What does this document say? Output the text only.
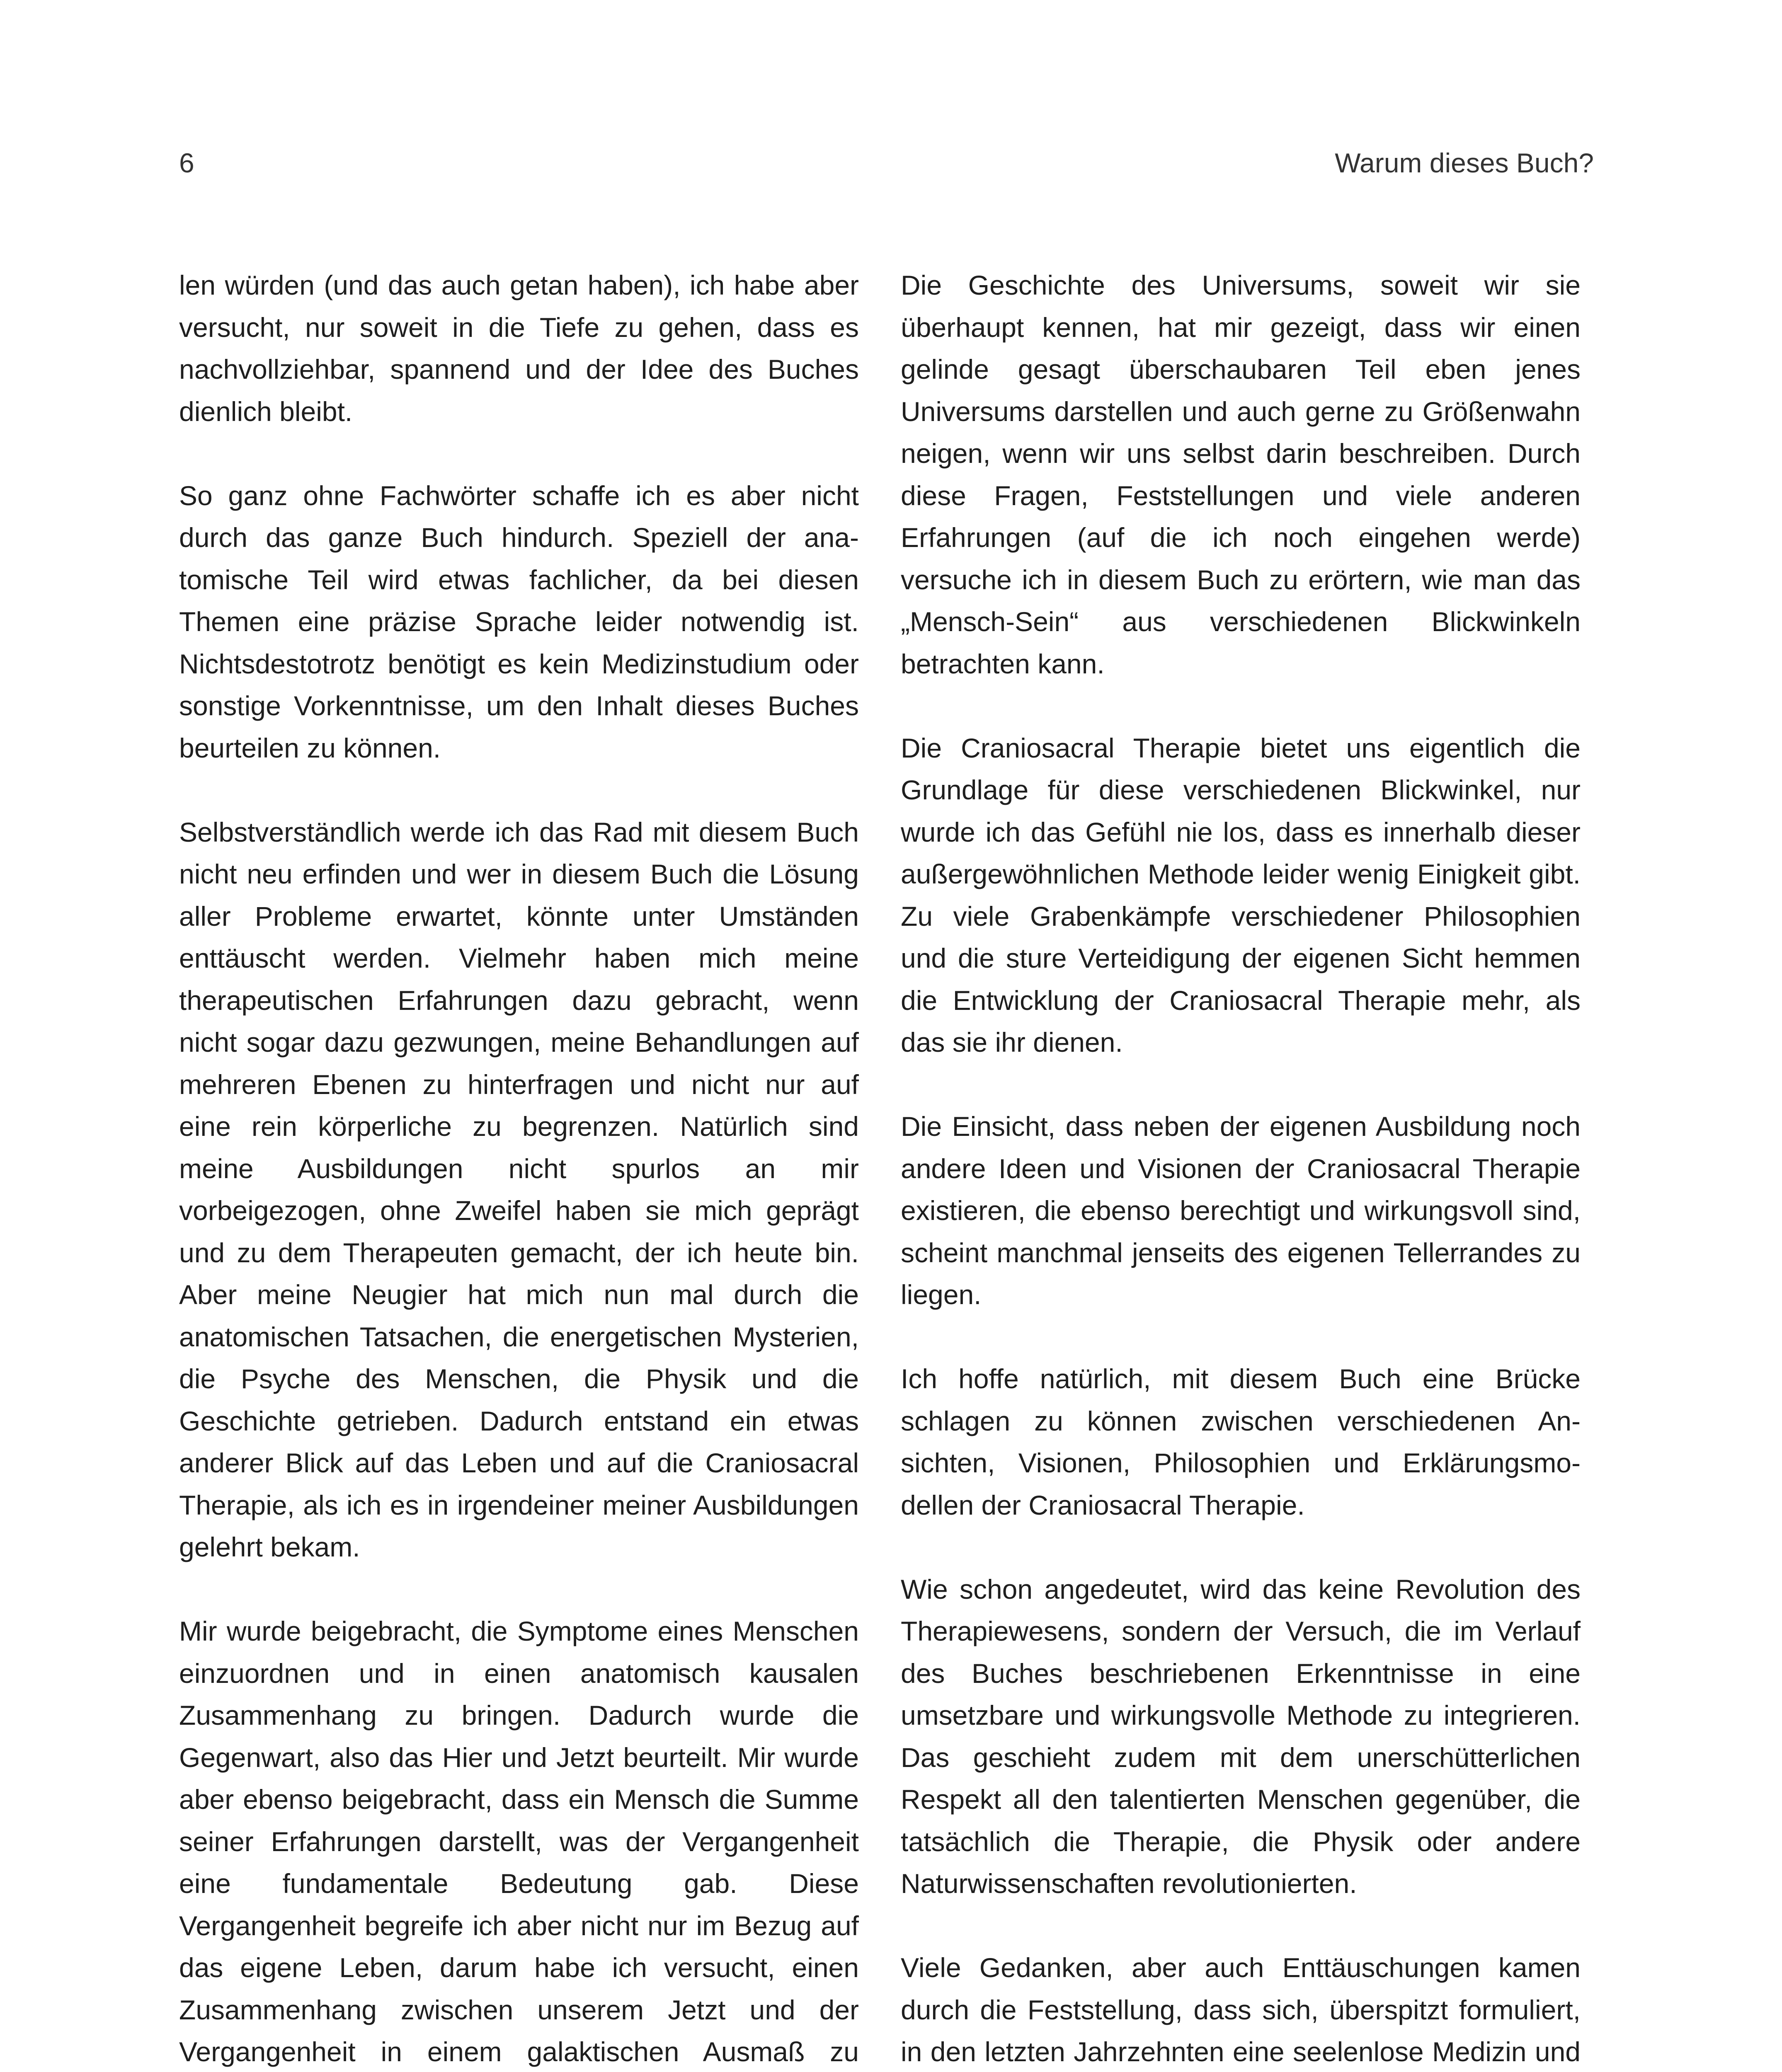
6	Warum dieses Buch?

len würden (und das auch getan haben), ich habe aber versucht, nur soweit in die Tiefe zu gehen, dass es nachvollziehbar, spannend und der Idee des Buches dienlich bleibt.

So ganz ohne Fachwörter schaffe ich es aber nicht durch das ganze Buch hindurch. Speziell der anatomische Teil wird etwas fachlicher, da bei diesen Themen eine präzise Sprache leider notwendig ist. Nichtsdestotrotz benötigt es kein Medizinstudium oder sonstige Vorkenntnisse, um den Inhalt dieses Buches beurteilen zu können.

Selbstverständlich werde ich das Rad mit diesem Buch nicht neu erfinden und wer in diesem Buch die Lösung aller Probleme erwartet, könnte unter Umständen enttäuscht werden. Vielmehr haben mich meine therapeutischen Erfahrungen dazu gebracht, wenn nicht sogar dazu gezwungen, meine Behandlungen auf mehreren Ebenen zu hinterfragen und nicht nur auf eine rein körperliche zu begrenzen. Natürlich sind meine Ausbildungen nicht spurlos an mir vorbeigezogen, ohne Zweifel haben sie mich geprägt und zu dem Therapeuten gemacht, der ich heute bin. Aber meine Neugier hat mich nun mal durch die anatomischen Tatsachen, die energetischen Mysterien, die Psyche des Menschen, die Physik und die Geschichte getrieben. Dadurch entstand ein etwas anderer Blick auf das Leben und auf die Craniosacral Therapie, als ich es in irgendeiner meiner Ausbildungen gelehrt bekam.

Mir wurde beigebracht, die Symptome eines Menschen einzuordnen und in einen anatomisch kausalen Zusammenhang zu bringen. Dadurch wurde die Gegenwart, also das Hier und Jetzt beurteilt. Mir wurde aber ebenso beigebracht, dass ein Mensch die Summe seiner Erfahrungen darstellt, was der Vergangenheit eine fundamentale Bedeutung gab. Diese Vergangenheit begreife ich aber nicht nur im Bezug auf das eigene Leben, darum habe ich versucht, einen Zusammenhang zwischen unserem Jetzt und der Vergangenheit in einem galaktischen Ausmaß zu

Die Geschichte des Universums, soweit wir sie überhaupt kennen, hat mir gezeigt, dass wir einen gelinde gesagt überschaubaren Teil eben jenes Universums darstellen und auch gerne zu Größenwahn neigen, wenn wir uns selbst darin beschreiben. Durch diese Fragen, Feststellungen und viele anderen Erfahrungen (auf die ich noch eingehen werde) versuche ich in diesem Buch zu erörtern, wie man das „Mensch-Sein“ aus verschiedenen Blickwinkeln betrachten kann.

Die Craniosacral Therapie bietet uns eigentlich die Grundlage für diese verschiedenen Blickwinkel, nur wurde ich das Gefühl nie los, dass es innerhalb dieser außergewöhnlichen Methode leider wenig Einigkeit gibt. Zu viele Grabenkämpfe verschiedener Philosophien und die sture Verteidigung der eigenen Sicht hemmen die Entwicklung der Craniosacral Therapie mehr, als das sie ihr dienen.

Die Einsicht, dass neben der eigenen Ausbildung noch andere Ideen und Visionen der Craniosacral Therapie existieren, die ebenso berechtigt und wirkungsvoll sind, scheint manchmal jenseits des eigenen Tellerrandes zu liegen.

Ich hoffe natürlich, mit diesem Buch eine Brücke schlagen zu können zwischen verschiedenen Ansichten, Visionen, Philosophien und Erklärungsmodellen der Craniosacral Therapie.

Wie schon angedeutet, wird das keine Revolution des Therapiewesens, sondern der Versuch, die im Verlauf des Buches beschriebenen Erkenntnisse in eine umsetzbare und wirkungsvolle Methode zu integrieren. Das geschieht zudem mit dem unerschütterlichen Respekt all den talentierten Menschen gegenüber, die tatsächlich die Therapie, die Physik oder andere Naturwissenschaften revolutionierten.

Viele Gedanken, aber auch Enttäuschungen kamen durch die Feststellung, dass sich, überspitzt formuliert, in den letzten Jahrzehnten eine seelenlose Medizin und
